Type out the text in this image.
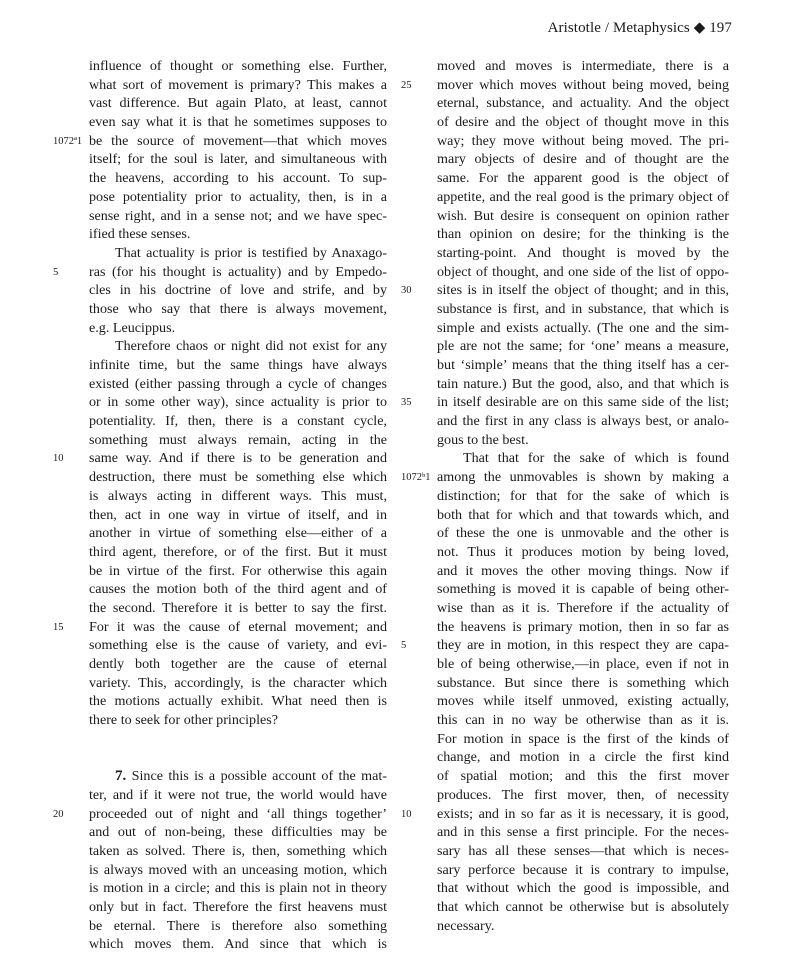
Aristotle / Metaphysics ◆ 197
influence of thought or something else. Further,
what sort of movement is primary? This makes a
vast difference. But again Plato, at least, cannot
even say what it is that he sometimes supposes to
1072ª1 be the source of movement—that which moves
itself; for the soul is later, and simultaneous with
the heavens, according to his account. To sup-
pose potentiality prior to actuality, then, is in a
sense right, and in a sense not; and we have spec-
ified these senses.
That actuality is prior is testified by Anaxago-
5	ras (for his thought is actuality) and by Empedo-
cles in his doctrine of love and strife, and by
those who say that there is always movement,
e.g. Leucippus.
Therefore chaos or night did not exist for any
infinite time, but the same things have always
existed (either passing through a cycle of changes
or in some other way), since actuality is prior to
potentiality. If, then, there is a constant cycle,
something must always remain, acting in the
10	same way. And if there is to be generation and
destruction, there must be something else which
is always acting in different ways. This must,
then, act in one way in virtue of itself, and in
another in virtue of something else—either of a
third agent, therefore, or of the first. But it must
be in virtue of the first. For otherwise this again
causes the motion both of the third agent and of
the second. Therefore it is better to say the first.
15	For it was the cause of eternal movement; and
something else is the cause of variety, and evi-
dently both together are the cause of eternal
variety. This, accordingly, is the character which
the motions actually exhibit. What need then is
there to seek for other principles?
7. Since this is a possible account of the mat-
ter, and if it were not true, the world would have
20	proceeded out of night and ‘all things together’
and out of non-being, these difficulties may be
taken as solved. There is, then, something which
is always moved with an unceasing motion, which
is motion in a circle; and this is plain not in theory
only but in fact. Therefore the first heavens must
be eternal. There is therefore also something
which moves them. And since that which is
moved and moves is intermediate, there is a
25	mover which moves without being moved, being
eternal, substance, and actuality. And the object
of desire and the object of thought move in this
way; they move without being moved. The pri-
mary objects of desire and of thought are the
same. For the apparent good is the object of
appetite, and the real good is the primary object of
wish. But desire is consequent on opinion rather
than opinion on desire; for the thinking is the
starting-point. And thought is moved by the
object of thought, and one side of the list of oppo-
30	sites is in itself the object of thought; and in this,
substance is first, and in substance, that which is
simple and exists actually. (The one and the sim-
ple are not the same; for ‘one’ means a measure,
but ‘simple’ means that the thing itself has a cer-
tain nature.) But the good, also, and that which is
35	in itself desirable are on this same side of the list;
and the first in any class is always best, or analo-
gous to the best.
That that for the sake of which is found
1072ᵇ1 among the unmovables is shown by making a
distinction; for that for the sake of which is
both that for which and that towards which, and
of these the one is unmovable and the other is
not. Thus it produces motion by being loved,
and it moves the other moving things. Now if
something is moved it is capable of being other-
wise than as it is. Therefore if the actuality of
the heavens is primary motion, then in so far as
5	they are in motion, in this respect they are capa-
ble of being otherwise,—in place, even if not in
substance. But since there is something which
moves while itself unmoved, existing actually,
this can in no way be otherwise than as it is.
For motion in space is the first of the kinds of
change, and motion in a circle the first kind
of spatial motion; and this the first mover
produces. The first mover, then, of necessity
10	exists; and in so far as it is necessary, it is good,
and in this sense a first principle. For the neces-
sary has all these senses—that which is neces-
sary perforce because it is contrary to impulse,
that without which the good is impossible, and
that which cannot be otherwise but is absolutely
necessary.
